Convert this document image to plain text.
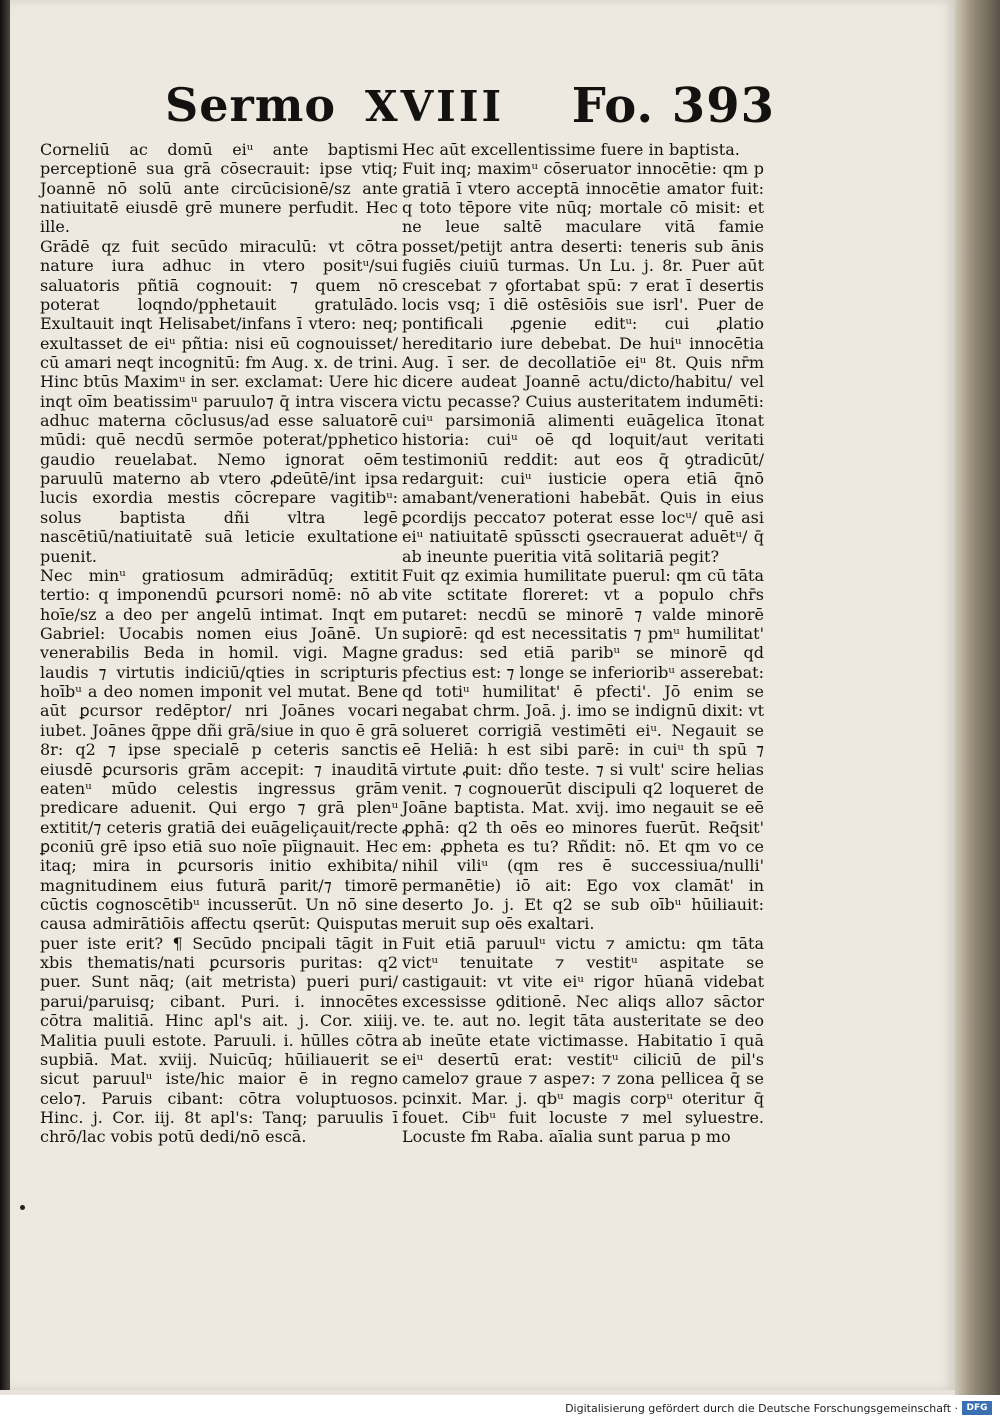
Sermo XVIII Fo. 393

Corneliū ac domū eiᵘ ante baptismi perceptionē sua grā cōsecrauit: ipse vtiq; Joannē nō solū ante circūcisionē/sz ante natiuitatē eiusdē grē munere perfudit. Hec ille.

Grādē qz fuit secūdo miraculū: vt cōtra nature iura adhuc in vtero positᵘ/sui saluatoris pñtiā cognouit: ⁊ quem nō poterat loqndo/pphetauit gratulādo. Exultauit inqt Helisabet/infans ī vtero: neq; exultasset de eiᵘ pñtia: nisi eū cognouisset/ cū amari neqt incognitū: fm Aug. x. de trini. Hinc btūs Maximᵘ in ser. exclamat: Uere hic inqt oīm beatissimᵘ paruulo⁊ q̄ intra viscera adhuc materna cōclusus/ad esse saluatorē mūdi: quē necdū sermōe poterat/pphetico gaudio reuelabat. Nemo ignorat oēm paruulū materno ab vtero ꝓdeūtē/int ipsa lucis exordia mestis cōcrepare vagitibᵘ: solus baptista dñi vltra legē nascētiū/natiuitatē suā leticie exultatione puenit.

Nec minᵘ gratiosum admirādūq; extitit tertio: q imponendū ꝑcursori nomē: nō ab hoīe/sz a deo per angelū intimat. Inqt em Gabriel: Uocabis nomen eius Joānē. Un venerabilis Beda in homil. vigi. Magne laudis ⁊ virtutis indiciū/qties in scripturis hoībᵘ a deo nomen imponit vel mutat. Bene aūt ꝑcursor redēptor/ nri Joānes vocari iubet. Joānes q̄ppe dñi grā/siue in quo ē grā 8r: q2 ⁊ ipse specialē p ceteris sanctis eiusdē ꝑcursoris grām accepit: ⁊ inauditā eatenᵘ mūdo celestis ingressus grām predicare aduenit. Qui ergo ⁊ grā plenᵘ extitit/⁊ ceteris gratiā dei euāgeliçauit/recte ꝑconiū grē ipso etiā suo noīe pīignauit. Hec itaq; mira in ꝑcursoris initio exhibita/ magnitudinem eius futurā parit/⁊ timorē cūctis cognoscētibᵘ incusserūt. Un nō sine causa admirātiōis affectu qserūt: Quisputas puer iste erit? ¶ Secūdo pncipali tāgit in xbis thematis/nati ꝑcursoris puritas: q2 puer. Sunt nāq; (ait metrista) pueri puri/ parui/paruisq; cibant. Puri. i. innocētes cōtra malitiā. Hinc apl's ait. j. Cor. xiiij. Malitia puuli estote. Paruuli. i. hūlles cōtra supbiā. Mat. xviij. Nuicūq; hūiliauerit se sicut paruulᵘ iste/hic maior ē in regno celo⁊. Paruis cibant: cōtra voluptuosos. Hinc. j. Cor. iij. 8t apl's: Tanq; paruulis ī chrō/lac vobis potū dedi/nō escā.

Hec aūt excellentissime fuere in baptista.

Fuit inq; maximᵘ cōseruator innocētie: qm p gratiā ī vtero acceptā innocētie amator fuit: q toto tēpore vite nūq; mortale cō misit: et ne leue saltē maculare vitā famie posset/petijt antra deserti: teneris sub ānis fugiēs ciuiū turmas. Un Lu. j. 8r. Puer aūt crescebat ⁊ ꝯfortabat spū: ⁊ erat ī desertis locis vsq; ī diē ostēsiōis sue isrl'. Puer de pontificali ꝓgenie editᵘ: cui ꝓlatio hereditario iure debebat. De huiᵘ innocētia Aug. ī ser. de decollatiōe eiᵘ 8t. Quis nr̄m dicere audeat Joannē actu/dicto/habitu/ vel victu pecasse? Cuius austeritatem indumēti: cuiᵘ parsimoniā alimenti euāgelica ītonat historia: cuiᵘ oē qd loquit/aut veritati testimoniū reddit: aut eos q̄ ꝯtradicūt/ redarguit: cuiᵘ iusticie opera etiā q̄nō amabant/venerationi habebāt. Quis in eius ꝑcordijs peccato⁊ poterat esse locᵘ/ quē asi eiᵘ natiuitatē spūsscti ꝯsecrauerat aduētᵘ/ q̄ ab ineunte pueritia vitā solitariā pegit?

Fuit qz eximia humilitate puerul: qm cū tāta vite sctitate floreret: vt a populo chr̄s putaret: necdū se minorē ⁊ valde minorē suꝑiorē: qd est necessitatis ⁊ pmᵘ humilitat' gradus: sed etiā paribᵘ se minorē qd pfectius est: ⁊ longe se inferioribᵘ asserebat: qd totiᵘ humilitat' ē pfecti'. Jō enim se negabat chrm. Joā. j. imo se indignū dixit: vt solueret corrigiā vestimēti eiᵘ. Negauit se eē Heliā: h est sibi parē: in cuiᵘ th spū ⁊ virtute ꝓuit: dño teste. ⁊ si vult' scire helias venit. ⁊ cognouerūt discipuli q2 loqueret de Joāne baptista. Mat. xvij. imo negauit se eē ꝓphā: q2 th oēs eo minores fuerūt. Req̄sit' em: ꝓpheta es tu? Rñdit: nō. Et qm vo ce nihil viliᵘ (qm res ē successiua/nulli' permanētie) iō ait: Ego vox clamāt' in deserto Jo. j. Et q2 se sub oībᵘ hūiliauit: meruit sup oēs exaltari.

Fuit etiā paruulᵘ victu ⁊ amictu: qm tāta victᵘ tenuitate ⁊ vestitᵘ aspitate se castigauit: vt vite eiᵘ rigor hūanā videbat excessisse ꝯditionē. Nec aliqs allo⁊ sāctor ve. te. aut no. legit tāta austeritate se deo ab ineūte etate victimasse. Habitatio ī quā eiᵘ desertū erat: vestitᵘ ciliciū de pil's camelo⁊ graue ⁊ aspe⁊: ⁊ zona pellicea q̄ se pcinxit. Mar. j. qbᵘ magis corpᵘ oteritur q̄ fouet. Cibᵘ fuit locuste ⁊ mel syluestre. Locuste fm Raba. aīalia sunt parua p mo

Digitalisierung gefördert durch die Deutsche Forschungsgemeinschaft · DFG
